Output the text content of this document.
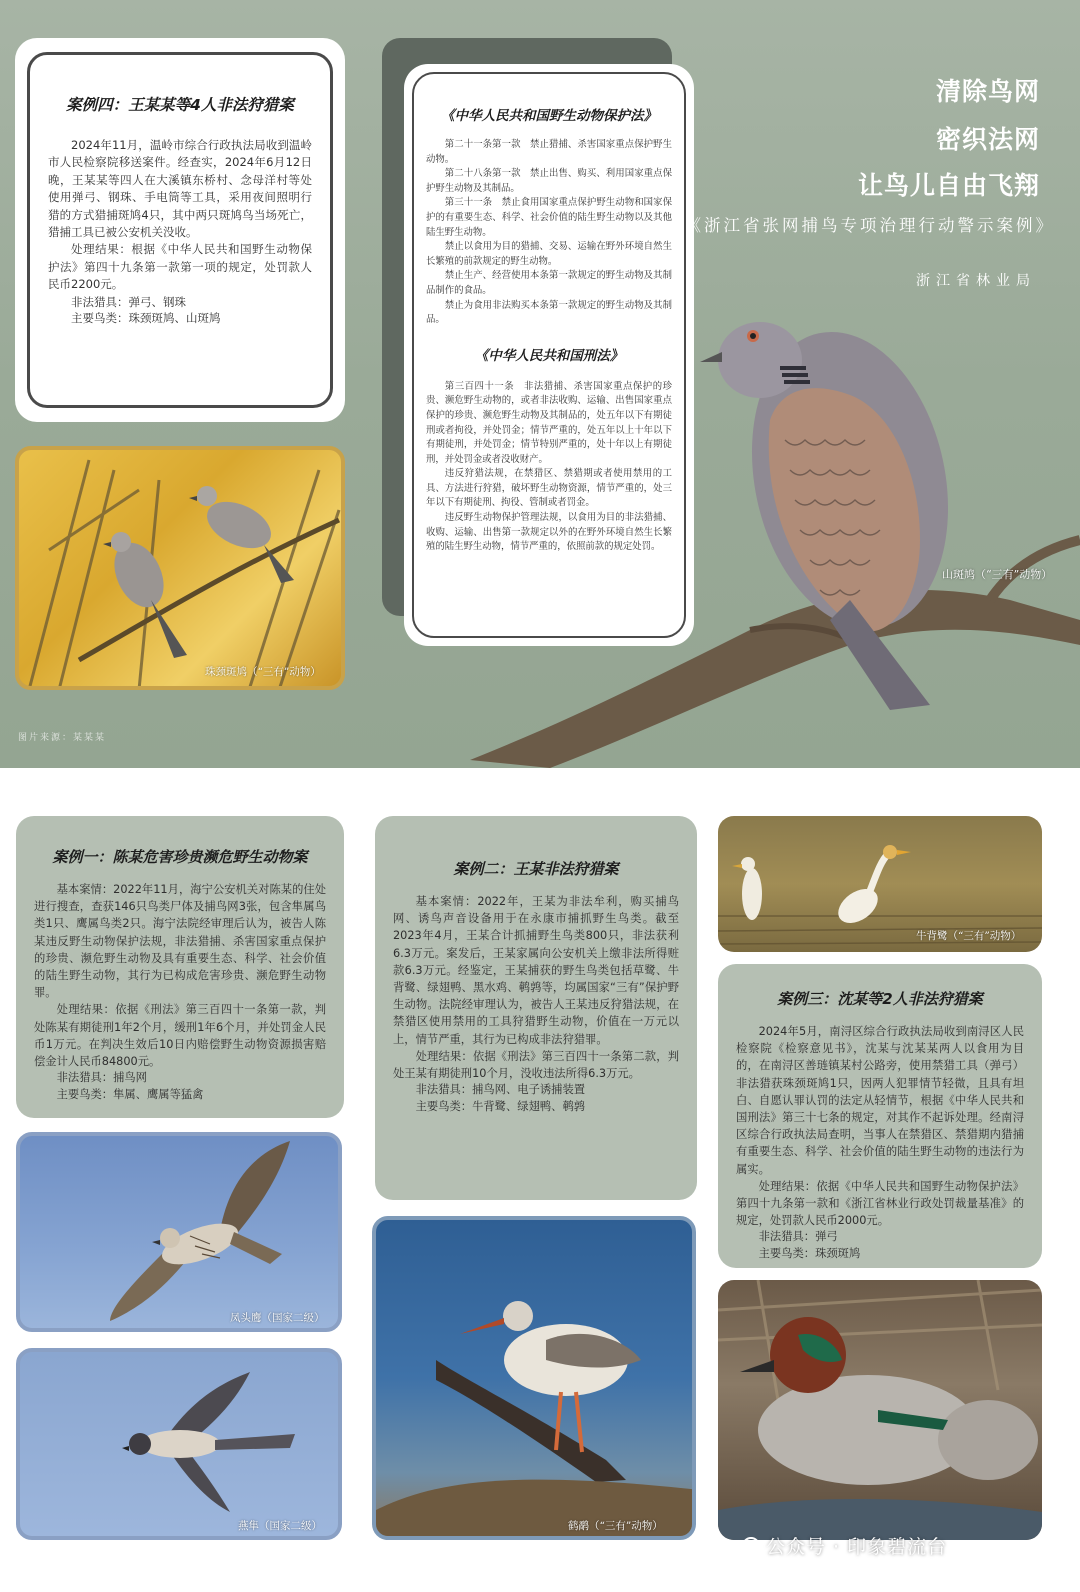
案例四：王某某等4人非法狩猎案
2024年11月，温岭市综合行政执法局收到温岭市人民检察院移送案件。经查实，2024年6月12日晚，王某某等四人在大溪镇东桥村、念母洋村等处使用弹弓、钢珠、手电筒等工具，采用夜间照明行猎的方式猎捕斑鸠4只，其中两只斑鸠鸟当场死亡，猎捕工具已被公安机关没收。
处理结果：根据《中华人民共和国野生动物保护法》第四十九条第一款第一项的规定，处罚款人民币2200元。
非法猎具：弹弓、钢珠
主要鸟类：珠颈斑鸠、山斑鸠
珠颈斑鸠（“三有”动物）
《中华人民共和国野生动物保护法》
第二十一条第一款　禁止猎捕、杀害国家重点保护野生动物。
第二十八条第一款　禁止出售、购买、利用国家重点保护野生动物及其制品。
第三十一条　禁止食用国家重点保护野生动物和国家保护的有重要生态、科学、社会价值的陆生野生动物以及其他陆生野生动物。
禁止以食用为目的猎捕、交易、运输在野外环境自然生长繁殖的前款规定的野生动物。
禁止生产、经营使用本条第一款规定的野生动物及其制品制作的食品。
禁止为食用非法购买本条第一款规定的野生动物及其制品。
《中华人民共和国刑法》
第三百四十一条　非法猎捕、杀害国家重点保护的珍贵、濒危野生动物的，或者非法收购、运输、出售国家重点保护的珍贵、濒危野生动物及其制品的，处五年以下有期徒刑或者拘役，并处罚金；情节严重的，处五年以上十年以下有期徒刑，并处罚金；情节特别严重的，处十年以上有期徒刑，并处罚金或者没收财产。
违反狩猎法规，在禁猎区、禁猎期或者使用禁用的工具、方法进行狩猎，破坏野生动物资源，情节严重的，处三年以下有期徒刑、拘役、管制或者罚金。
违反野生动物保护管理法规，以食用为目的非法猎捕、收购、运输、出售第一款规定以外的在野外环境自然生长繁殖的陆生野生动物，情节严重的，依照前款的规定处罚。
山斑鸠（“三有”动物）
清除鸟网
密织法网
让鸟儿自由飞翔
《浙江省张网捕鸟专项治理行动警示案例》
浙江省林业局
图片来源：某某某
案例一：陈某危害珍贵濒危野生动物案
基本案情：2022年11月，海宁公安机关对陈某的住处进行搜查，查获146只鸟类尸体及捕鸟网3张，包含隼属鸟类1只、鹰属鸟类2只。海宁法院经审理后认为，被告人陈某违反野生动物保护法规，非法猎捕、杀害国家重点保护的珍贵、濒危野生动物及具有重要生态、科学、社会价值的陆生野生动物，其行为已构成危害珍贵、濒危野生动物罪。
处理结果：依据《刑法》第三百四十一条第一款，判处陈某有期徒刑1年2个月，缓刑1年6个月，并处罚金人民币1万元。在判决生效后10日内赔偿野生动物资源损害赔偿金计人民币84800元。
非法猎具：捕鸟网
主要鸟类：隼属、鹰属等猛禽
案例二：王某非法狩猎案
基本案情：2022年，王某为非法牟利，购买捕鸟网、诱鸟声音设备用于在永康市捕抓野生鸟类。截至2023年4月，王某合计抓捕野生鸟类800只，非法获利6.3万元。案发后，王某家属向公安机关上缴非法所得赃款6.3万元。经鉴定，王某捕获的野生鸟类包括草鹭、牛背鹭、绿翅鸭、黑水鸡、鹌鹑等，均属国家“三有”保护野生动物。法院经审理认为，被告人王某违反狩猎法规，在禁猎区使用禁用的工具狩猎野生动物，价值在一万元以上，情节严重，其行为已构成非法狩猎罪。
处理结果：依据《刑法》第三百四十一条第二款，判处王某有期徒刑10个月，没收违法所得6.3万元。
非法猎具：捕鸟网、电子诱捕装置
主要鸟类：牛背鹭、绿翅鸭、鹌鹑
案例三：沈某等2人非法狩猎案
2024年5月，南浔区综合行政执法局收到南浔区人民检察院《检察意见书》，沈某与沈某某两人以食用为目的，在南浔区善琏镇某村公路旁，使用禁猎工具（弹弓）非法猎获珠颈斑鸠1只，因两人犯罪情节轻微，且具有坦白、自愿认罪认罚的法定从轻情节，根据《中华人民共和国刑法》第三十七条的规定，对其作不起诉处理。经南浔区综合行政执法局查明，当事人在禁猎区、禁猎期内猎捕有重要生态、科学、社会价值的陆生野生动物的违法行为属实。
处理结果：依据《中华人民共和国野生动物保护法》第四十九条第一款和《浙江省林业行政处罚裁量基准》的规定，处罚款人民币2000元。
非法猎具：弹弓
主要鸟类：珠颈斑鸠
牛背鹭（“三有”动物）
凤头鹰（国家二级）
燕隼（国家二级）	鹤鹬（“三有”动物）
公众号 · 印象碧流台
